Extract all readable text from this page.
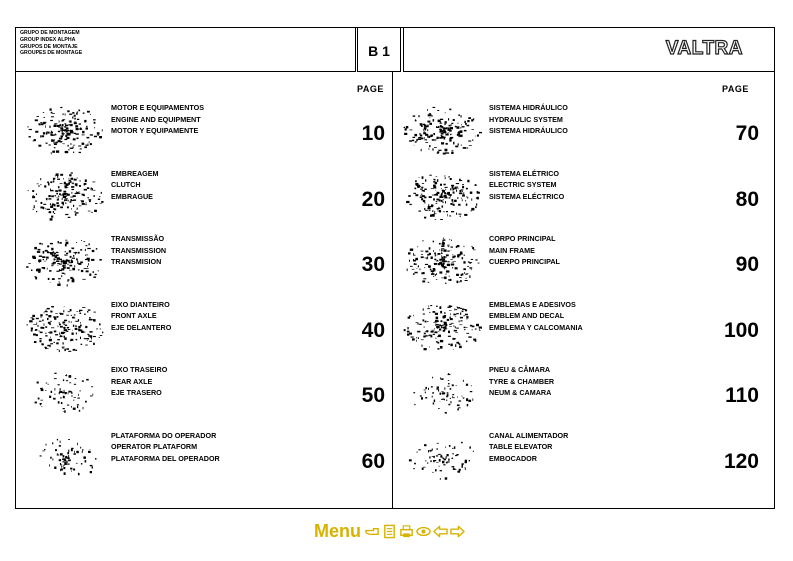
GRUPO DE MONTAGEM
GROUP INDEX ALPHA
GRUPOS DE MONTAJE
GROUPES DE MONTAGE	B 1	VALTRA
PAGE	PAGE
MOTOR E EQUIPAMENTOS
ENGINE AND EQUIPMENT
MOTOR Y EQUIPAMENTE	10
EMBREAGEM
CLUTCH
EMBRAGUE	20
TRANSMISSÃO
TRANSMISSION
TRANSMISION	30
EIXO DIANTEIRO
FRONT AXLE
EJE DELANTERO	40
EIXO TRASEIRO
REAR AXLE
EJE TRASERO	50
PLATAFORMA DO OPERADOR
OPERATOR PLATAFORM
PLATAFORMA DEL OPERADOR	60
SISTEMA HIDRÁULICO
HYDRAULIC SYSTEM
SISTEMA HIDRÁULICO	70
SISTEMA ELÉTRICO
ELECTRIC SYSTEM
SISTEMA ELÉCTRICO	80
CORPO PRINCIPAL
MAIN FRAME
CUERPO PRINCIPAL	90
EMBLEMAS E ADESIVOS
EMBLEM AND DECAL
EMBLEMA Y CALCOMANIA	100
PNEU & CÂMARA
TYRE & CHAMBER
NEUM & CAMARA	110
CANAL ALIMENTADOR
TABLE ELEVATOR
EMBOCADOR	120
Menu
